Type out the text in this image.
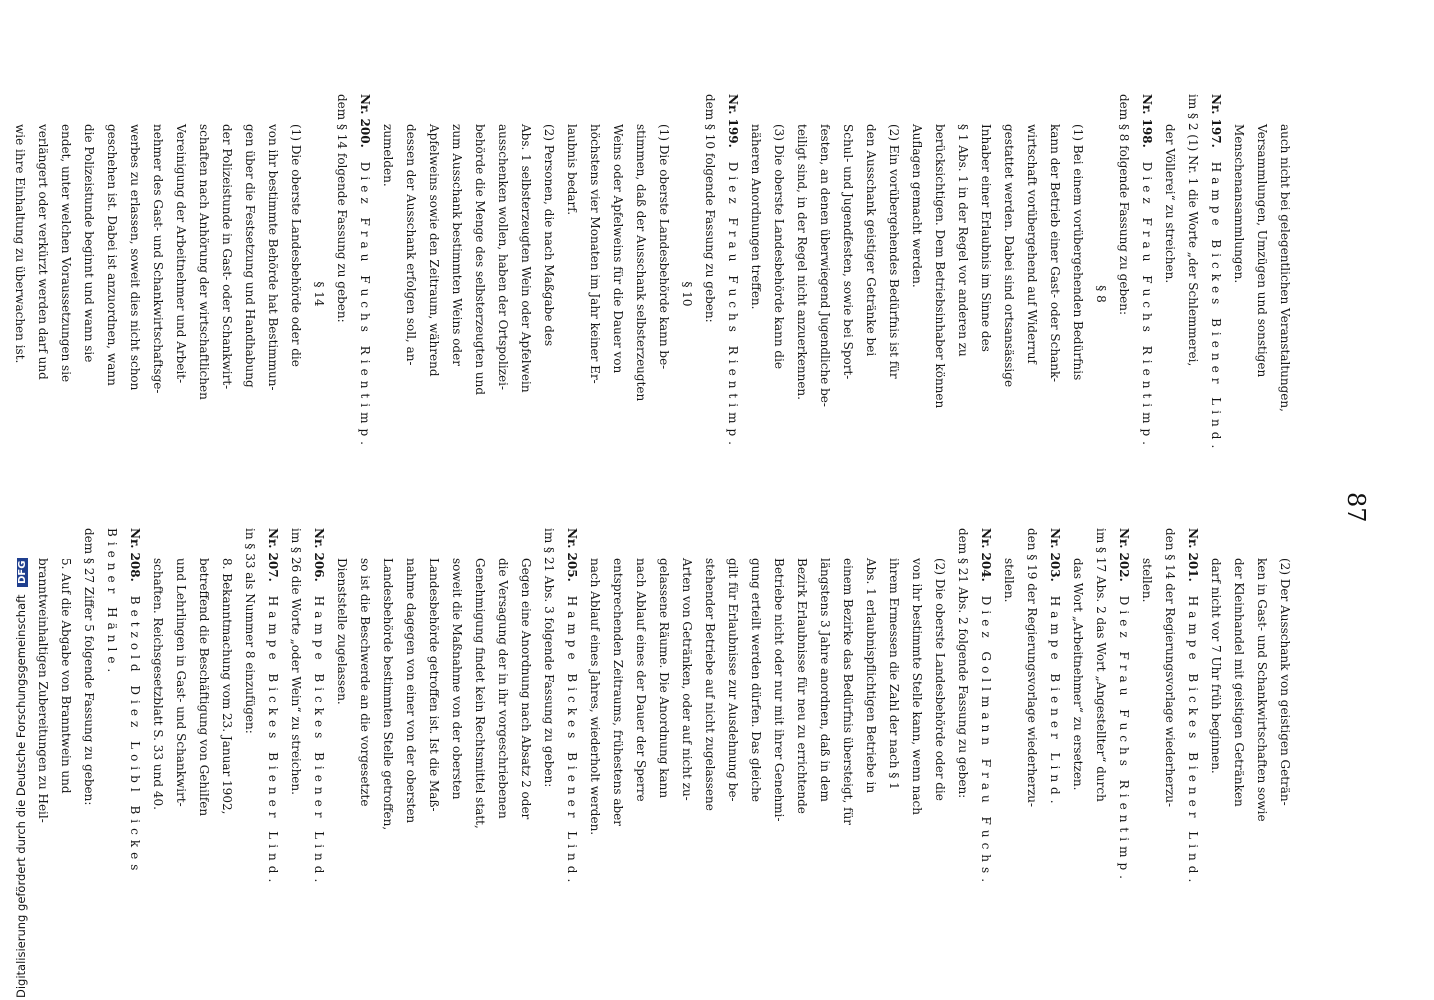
87
auch nicht bei gelegentlichen Veranstaltungen,
Versammlungen, Umzügen und sonstigen
Menschenansammlungen.
Nr. 197.Hampe Bickes Biener Lind.
im § 2 (1) Nr. 1 die Worte „der Schlemmerei,
der Völlerei“ zu streichen.
Nr. 198.Diez Frau Fuchs Rientimp.
dem § 8 folgende Fassung zu geben:
§ 8
(1) Bei einem vorübergehenden Bedürfnis
kann der Betrieb einer Gast- oder Schank-
wirtschaft vorübergehend auf Widerruf
gestattet werden. Dabei sind ortsansässige
Inhaber einer Erlaubnis im Sinne des
§ 1 Abs. 1 in der Regel vor anderen zu
berücksichtigen. Dem Betriebsinhaber können
Auflagen gemacht werden.
(2) Ein vorübergehendes Bedürfnis ist für
den Ausschank geistiger Getränke bei
Schul- und Jugendfesten, sowie bei Sport-
festen, an denen überwiegend Jugendliche be-
teiligt sind, in der Regel nicht anzuerkennen.
(3) Die oberste Landesbehörde kann die
näheren Anordnungen treffen.
Nr. 199.Diez Frau Fuchs Rientimp.
dem § 10 folgende Fassung zu geben:
§ 10
(1) Die oberste Landesbehörde kann be-
stimmen, daß der Ausschank selbsterzeugten
Weins oder Apfelweins für die Dauer von
höchstens vier Monaten im Jahr keiner Er-
laubnis bedarf.
(2) Personen, die nach Maßgabe des
Abs. 1 selbsterzeugten Wein oder Apfelwein
ausschenken wollen, haben der Ortspolizei-
behörde die Menge des selbsterzeugten und
zum Ausschank bestimmten Weins oder
Apfelweins sowie den Zeitraum, während
dessen der Ausschank erfolgen soll, an-
zumelden.
Nr. 200.Diez Frau Fuchs Rientimp.
dem § 14 folgende Fassung zu geben:
§ 14
(1) Die oberste Landesbehörde oder die
von ihr bestimmte Behörde hat Bestimmun-
gen über die Festsetzung und Handhabung
der Polizeistunde in Gast- oder Schankwirt-
schaften nach Anhörung der wirtschaftlichen
Vereinigung der Arbeitnehmer und Arbeit-
nehmer des Gast- und Schankwirtschaftsge-
werbes zu erlassen, soweit dies nicht schon
geschehen ist. Dabei ist anzuordnen, wann
die Polizeistunde beginnt und wann sie
endet, unter welchen Voraussetzungen sie
verlängert oder verkürzt werden darf und
wie ihre Einhaltung zu überwachen ist.
(2) Der Ausschank von geistigen Geträn-
ken in Gast- und Schankwirtschaften sowie
der Kleinhandel mit geistigen Getränken
darf nicht vor 7 Uhr früh beginnen.
Nr. 201.Hampe Bickes Biener Lind.
den § 14 der Regierungsvorlage wiederherzu-
stellen.
Nr. 202.Diez Frau Fuchs Rientimp.
im § 17 Abs. 2 das Wort „Angestellter“ durch
das Wort „Arbeitnehmer“ zu ersetzen.
Nr. 203.Hampe Biener Lind.
den § 19 der Regierungsvorlage wiederherzu-
stellen.
Nr. 204.Diez Gollmann Frau Fuchs.
dem § 21 Abs. 2 folgende Fassung zu geben:
(2) Die oberste Landesbehörde oder die
von ihr bestimmte Stelle kann, wenn nach
ihrem Ermessen die Zahl der nach § 1
Abs. 1 erlaubnispflichtigen Betriebe in
einem Bezirke das Bedürfnis übersteigt, für
längstens 3 Jahre anordnen, daß in dem
Bezirk Erlaubnisse für neu zu errichtende
Betriebe nicht oder nur mit ihrer Genehmi-
gung erteilt werden dürfen. Das gleiche
gilt für Erlaubnisse zur Ausdehnung be-
stehender Betriebe auf nicht zugelassene
Arten von Getränken, oder auf nicht zu-
gelassene Räume. Die Anordnung kann
nach Ablauf eines der Dauer der Sperre
entsprechenden Zeitraums, frühestens aber
nach Ablauf eines Jahres, wiederholt werden.
Nr. 205.Hampe Bickes Biener Lind.
im § 21 Abs. 3 folgende Fassung zu geben:
Gegen eine Anordnung nach Absatz 2 oder
die Versagung der in ihr vorgeschriebenen
Genehmigung findet kein Rechtsmittel statt,
soweit die Maßnahme von der obersten
Landesbehörde getroffen ist. Ist die Maß-
nahme dagegen von einer von der obersten
Landesbehörde bestimmten Stelle getroffen,
so ist die Beschwerde an die vorgesetzte
Dienststelle zugelassen.
Nr. 206.Hampe Bickes Biener Lind.
im § 26 die Worte „oder Wein“ zu streichen.
Nr. 207.Hampe Bickes Biener Lind.
in § 33 als Nummer 8 einzufügen:
8. Bekanntmachung vom 23. Januar 1902,
betreffend die Beschäftigung von Gehilfen
und Lehrlingen in Gast- und Schankwirt-
schaften. Reichsgesetzblatt S. 33 und 40.
Nr. 208.Betzold Diez Loibl Bickes Biener Hänle.
dem § 27 Ziffer 5 folgende Fassung zu geben:
5. Auf die Abgabe von Branntwein und
branntweinhaltigen Zubereitungen zu Heil-
Digitalisierung gefördert durch die Deutsche Forschungsgemeinschaft DFG
